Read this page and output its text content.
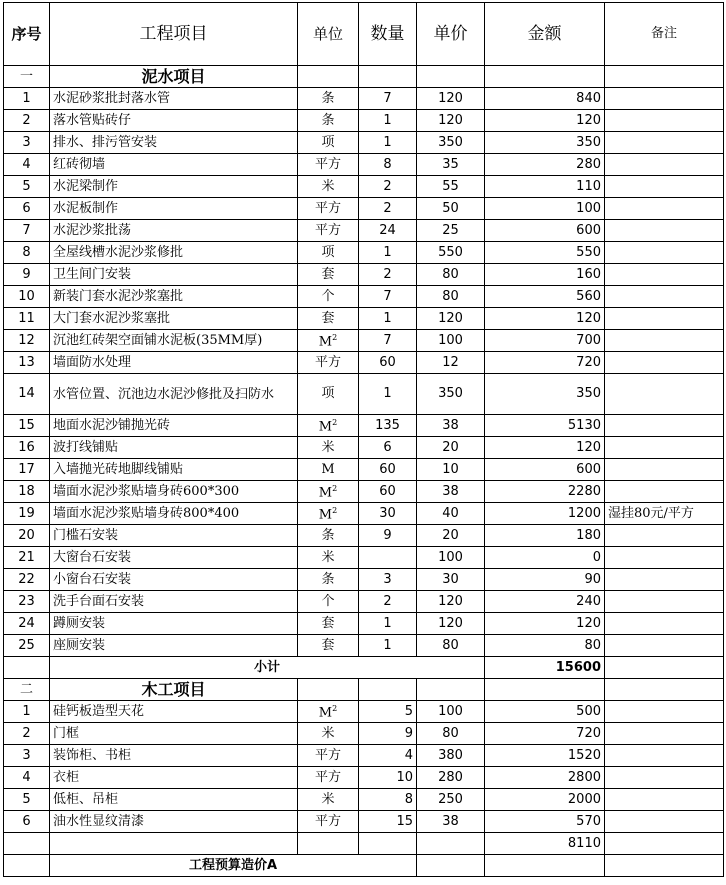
序号	工程项目	单位	数量	单价	金额	备注
一	泥水项目					
1	水泥砂浆批封落水管	条	7	120	840	
2	落水管贴砖仔	条	1	120	120	
3	排水、排污管安装	项	1	350	350	
4	红砖彻墙	平方	8	35	280	
5	水泥梁制作	米	2	55	110	
6	水泥板制作	平方	2	50	100	
7	水泥沙浆批荡	平方	24	25	600	
8	全屋线槽水泥沙浆修批	项	1	550	550	
9	卫生间门安装	套	2	80	160	
10	新装门套水泥沙浆塞批	个	7	80	560	
11	大门套水泥沙浆塞批	套	1	120	120	
12	沉池红砖架空面铺水泥板(35MM厚)	$M^2$	7	100	700	
13	墙面防水处理	平方	60	12	720	
14	水管位置、沉池边水泥沙修批及扫防水	项	1	350	350	
15	地面水泥沙铺抛光砖	$M^2$	135	38	5130	
16	波打线铺贴	米	6	20	120	
17	入墙抛光砖地脚线铺贴	M	60	10	600	
18	墙面水泥沙浆贴墙身砖600*300	$M^2$	60	38	2280	
19	墙面水泥沙浆贴墙身砖800*400	$M^2$	30	40	1200	湿挂80元/平方
20	门槛石安装	条	9	20	180	
21	大窗台石安装	米		100	0	
22	小窗台石安装	条	3	30	90	
23	洗手台面石安装	个	2	120	240	
24	蹲厕安装	套	1	120	120	
25	座厕安装	套	1	80	80	
	小计				15600	
二	木工项目					
1	硅钙板造型天花	$M^2$	5	100	500	
2	门框	米	9	80	720	
3	装饰柜、书柜	平方	4	380	1520	
4	衣柜	平方	10	280	2800	
5	低柜、吊柜	米	8	250	2000	
6	油水性显纹清漆	平方	15	38	570	
					8110	
	工程预算造价A					
